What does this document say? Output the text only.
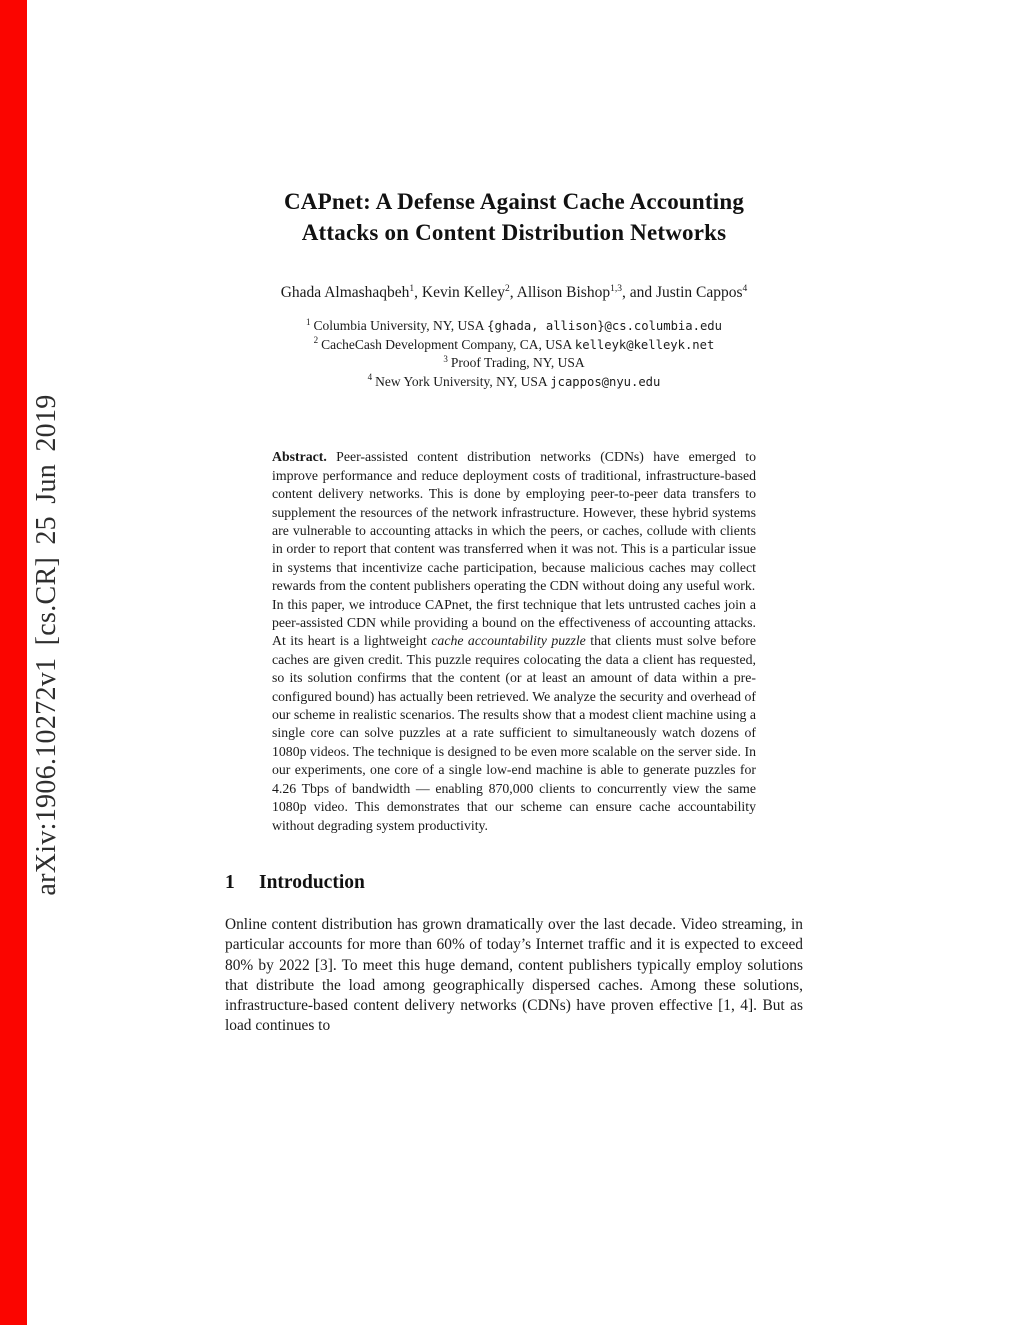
arXiv:1906.10272v1 [cs.CR] 25 Jun 2019
CAPnet: A Defense Against Cache Accounting
Attacks on Content Distribution Networks

Ghada Almashaqbeh$^1$, Kevin Kelley$^2$, Allison Bishop$^{1,3}$, and Justin Cappos$^4$

$^1$ Columbia University, NY, USA {ghada, allison}@cs.columbia.edu
$^2$ CacheCash Development Company, CA, USA kelleyk@kelleyk.net
$^3$ Proof Trading, NY, USA
$^4$ New York University, NY, USA jcappos@nyu.edu

Abstract. Peer-assisted content distribution networks (CDNs) have emerged to improve performance and reduce deployment costs of traditional, infrastructure-based content delivery networks. This is done by employing peer-to-peer data transfers to supplement the resources of the network infrastructure. However, these hybrid systems are vulnerable to accounting attacks in which the peers, or caches, collude with clients in order to report that content was transferred when it was not. This is a particular issue in systems that incentivize cache participation, because malicious caches may collect rewards from the content publishers operating the CDN without doing any useful work.

In this paper, we introduce CAPnet, the first technique that lets untrusted caches join a peer-assisted CDN while providing a bound on the effectiveness of accounting attacks. At its heart is a lightweight cache accountability puzzle that clients must solve before caches are given credit. This puzzle requires colocating the data a client has requested, so its solution confirms that the content (or at least an amount of data within a pre-configured bound) has actually been retrieved. We analyze the security and overhead of our scheme in realistic scenarios. The results show that a modest client machine using a single core can solve puzzles at a rate sufficient to simultaneously watch dozens of 1080p videos. The technique is designed to be even more scalable on the server side. In our experiments, one core of a single low-end machine is able to generate puzzles for 4.26 Tbps of bandwidth — enabling 870,000 clients to concurrently view the same 1080p video. This demonstrates that our scheme can ensure cache accountability without degrading system productivity.

1 Introduction

Online content distribution has grown dramatically over the last decade. Video streaming, in particular accounts for more than 60% of today’s Internet traffic and it is expected to exceed 80% by 2022 [3]. To meet this huge demand, content publishers typically employ solutions that distribute the load among geographically dispersed caches. Among these solutions, infrastructure-based content delivery networks (CDNs) have proven effective [1, 4]. But as load continues to
